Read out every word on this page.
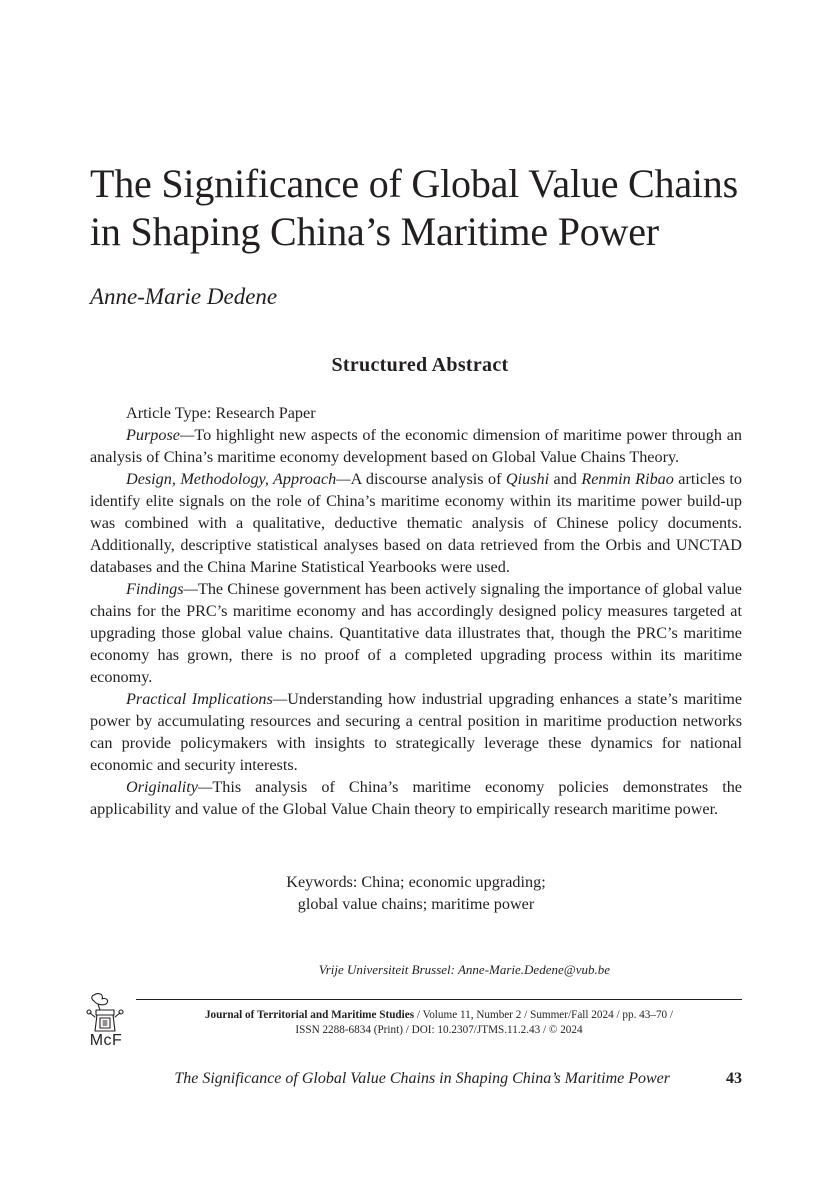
The Significance of Global Value Chains
in Shaping China’s Maritime Power
Anne-Marie Dedene
Structured Abstract

Article Type: Research Paper

Purpose—To highlight new aspects of the economic dimension of maritime power through an analysis of China’s maritime economy development based on Global Value Chains Theory.

Design, Methodology, Approach—A discourse analysis of Qiushi and Renmin Ribao articles to identify elite signals on the role of China’s maritime economy within its maritime power build-up was combined with a qualitative, deductive thematic analysis of Chinese policy documents. Additionally, descriptive statistical analyses based on data retrieved from the Orbis and UNCTAD databases and the China Marine Statistical Yearbooks were used.

Findings—The Chinese government has been actively signaling the importance of global value chains for the PRC’s maritime economy and has accordingly designed policy measures targeted at upgrading those global value chains. Quantitative data illustrates that, though the PRC’s maritime economy has grown, there is no proof of a completed upgrading process within its maritime economy.

Practical Implications—Understanding how industrial upgrading enhances a state’s maritime power by accumulating resources and securing a central position in maritime production networks can provide policymakers with insights to strategically leverage these dynamics for national economic and security interests.

Originality—This analysis of China’s maritime economy policies demonstrates the applicability and value of the Global Value Chain theory to empirically research maritime power.

Keywords: China; economic upgrading;
global value chains; maritime power
Vrije Universiteit Brussel: Anne-Marie.Dedene@vub.be
McF
Journal of Territorial and Maritime Studies / Volume 11, Number 2 / Summer/Fall 2024 / pp. 43–70 /
ISSN 2288-6834 (Print) / DOI: 10.2307/JTMS.11.2.43 / © 2024
The Significance of Global Value Chains in Shaping China’s Maritime Power	43
